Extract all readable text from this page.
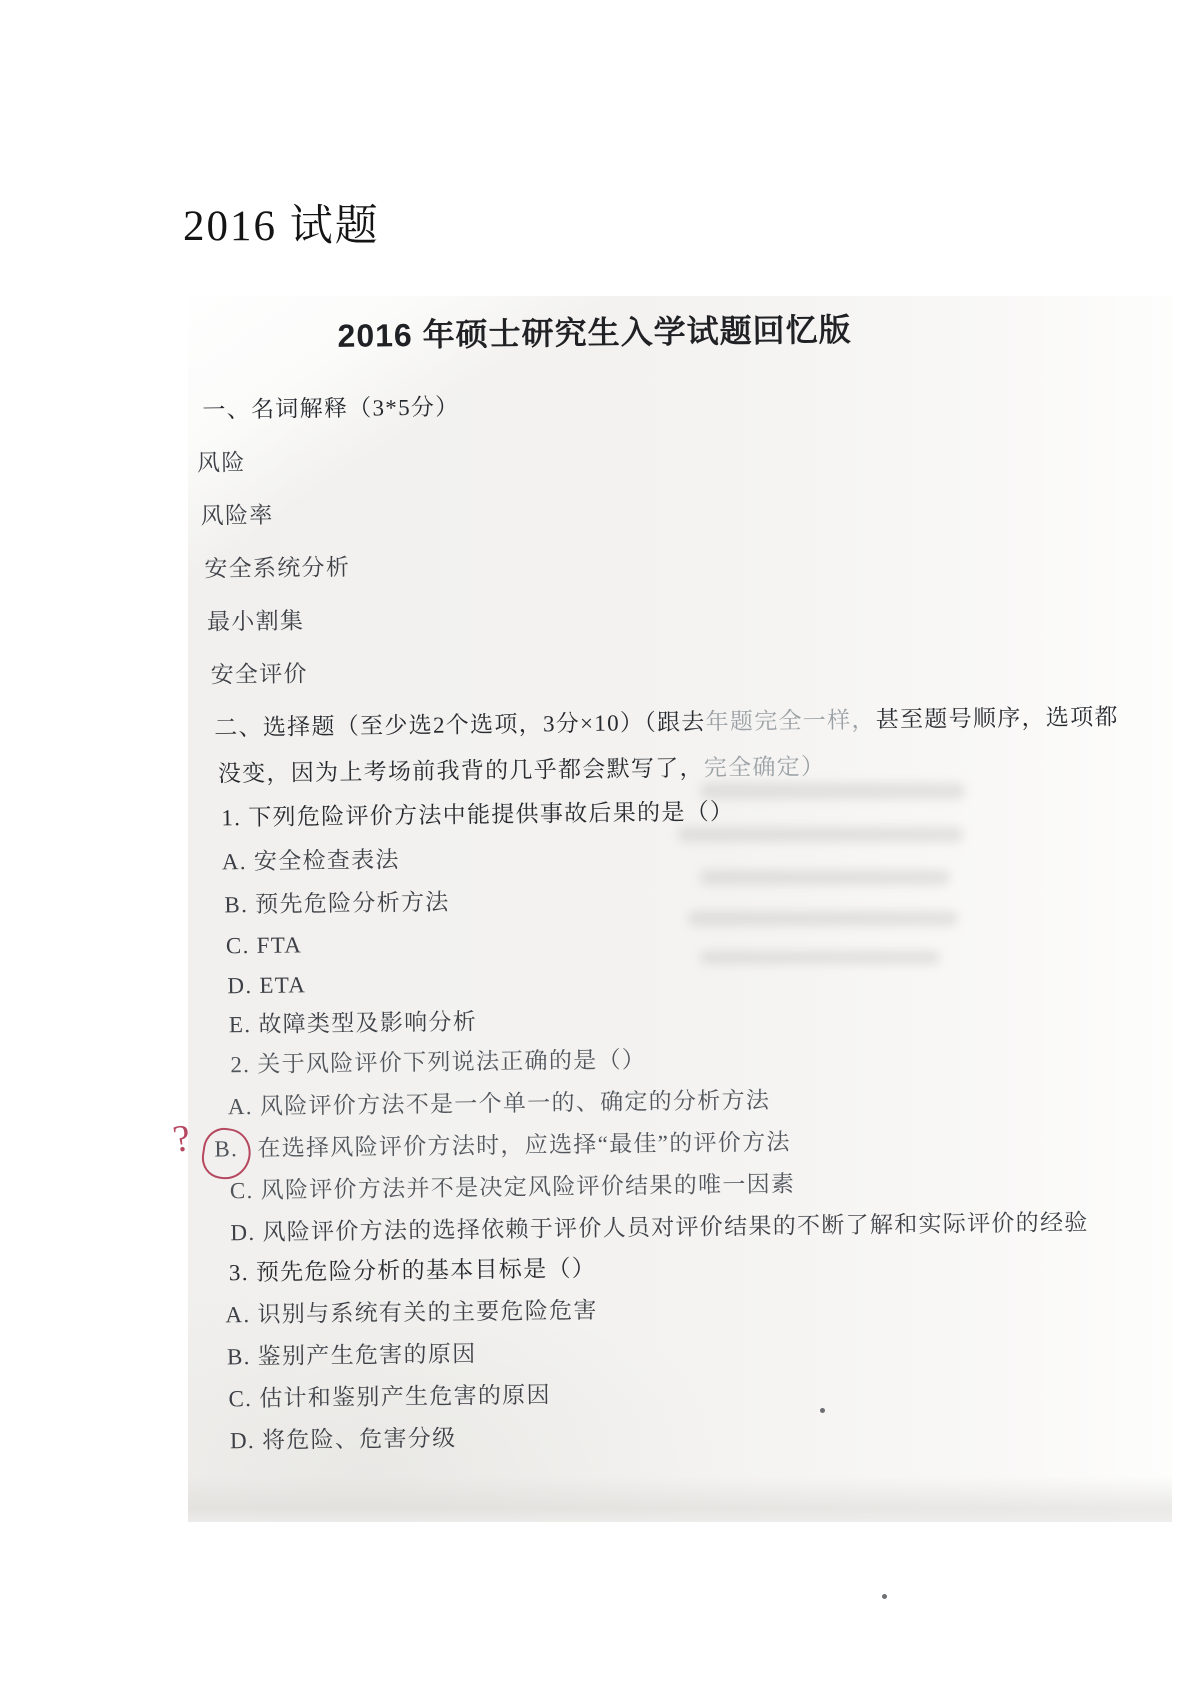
2016 试题
2016 年硕士研究生入学试题回忆版
一、名词解释（3*5分）
风险
风险率
安全系统分析
最小割集
安全评价
二、选择题（至少选2个选项，3分×10）（跟去年题完全一样，甚至题号顺序，选项都
没变，因为上考场前我背的几乎都会默写了，完全确定）
1. 下列危险评价方法中能提供事故后果的是（）
A. 安全检查表法
B. 预先危险分析方法
C. FTA
D. ETA
E. 故障类型及影响分析
2. 关于风险评价下列说法正确的是（）
A. 风险评价方法不是一个单一的、确定的分析方法
? B. 在选择风险评价方法时，应选择“最佳”的评价方法
C. 风险评价方法并不是决定风险评价结果的唯一因素
D. 风险评价方法的选择依赖于评价人员对评价结果的不断了解和实际评价的经验
3. 预先危险分析的基本目标是（）
A. 识别与系统有关的主要危险危害
B. 鉴别产生危害的原因
C. 估计和鉴别产生危害的原因
D. 将危险、危害分级
